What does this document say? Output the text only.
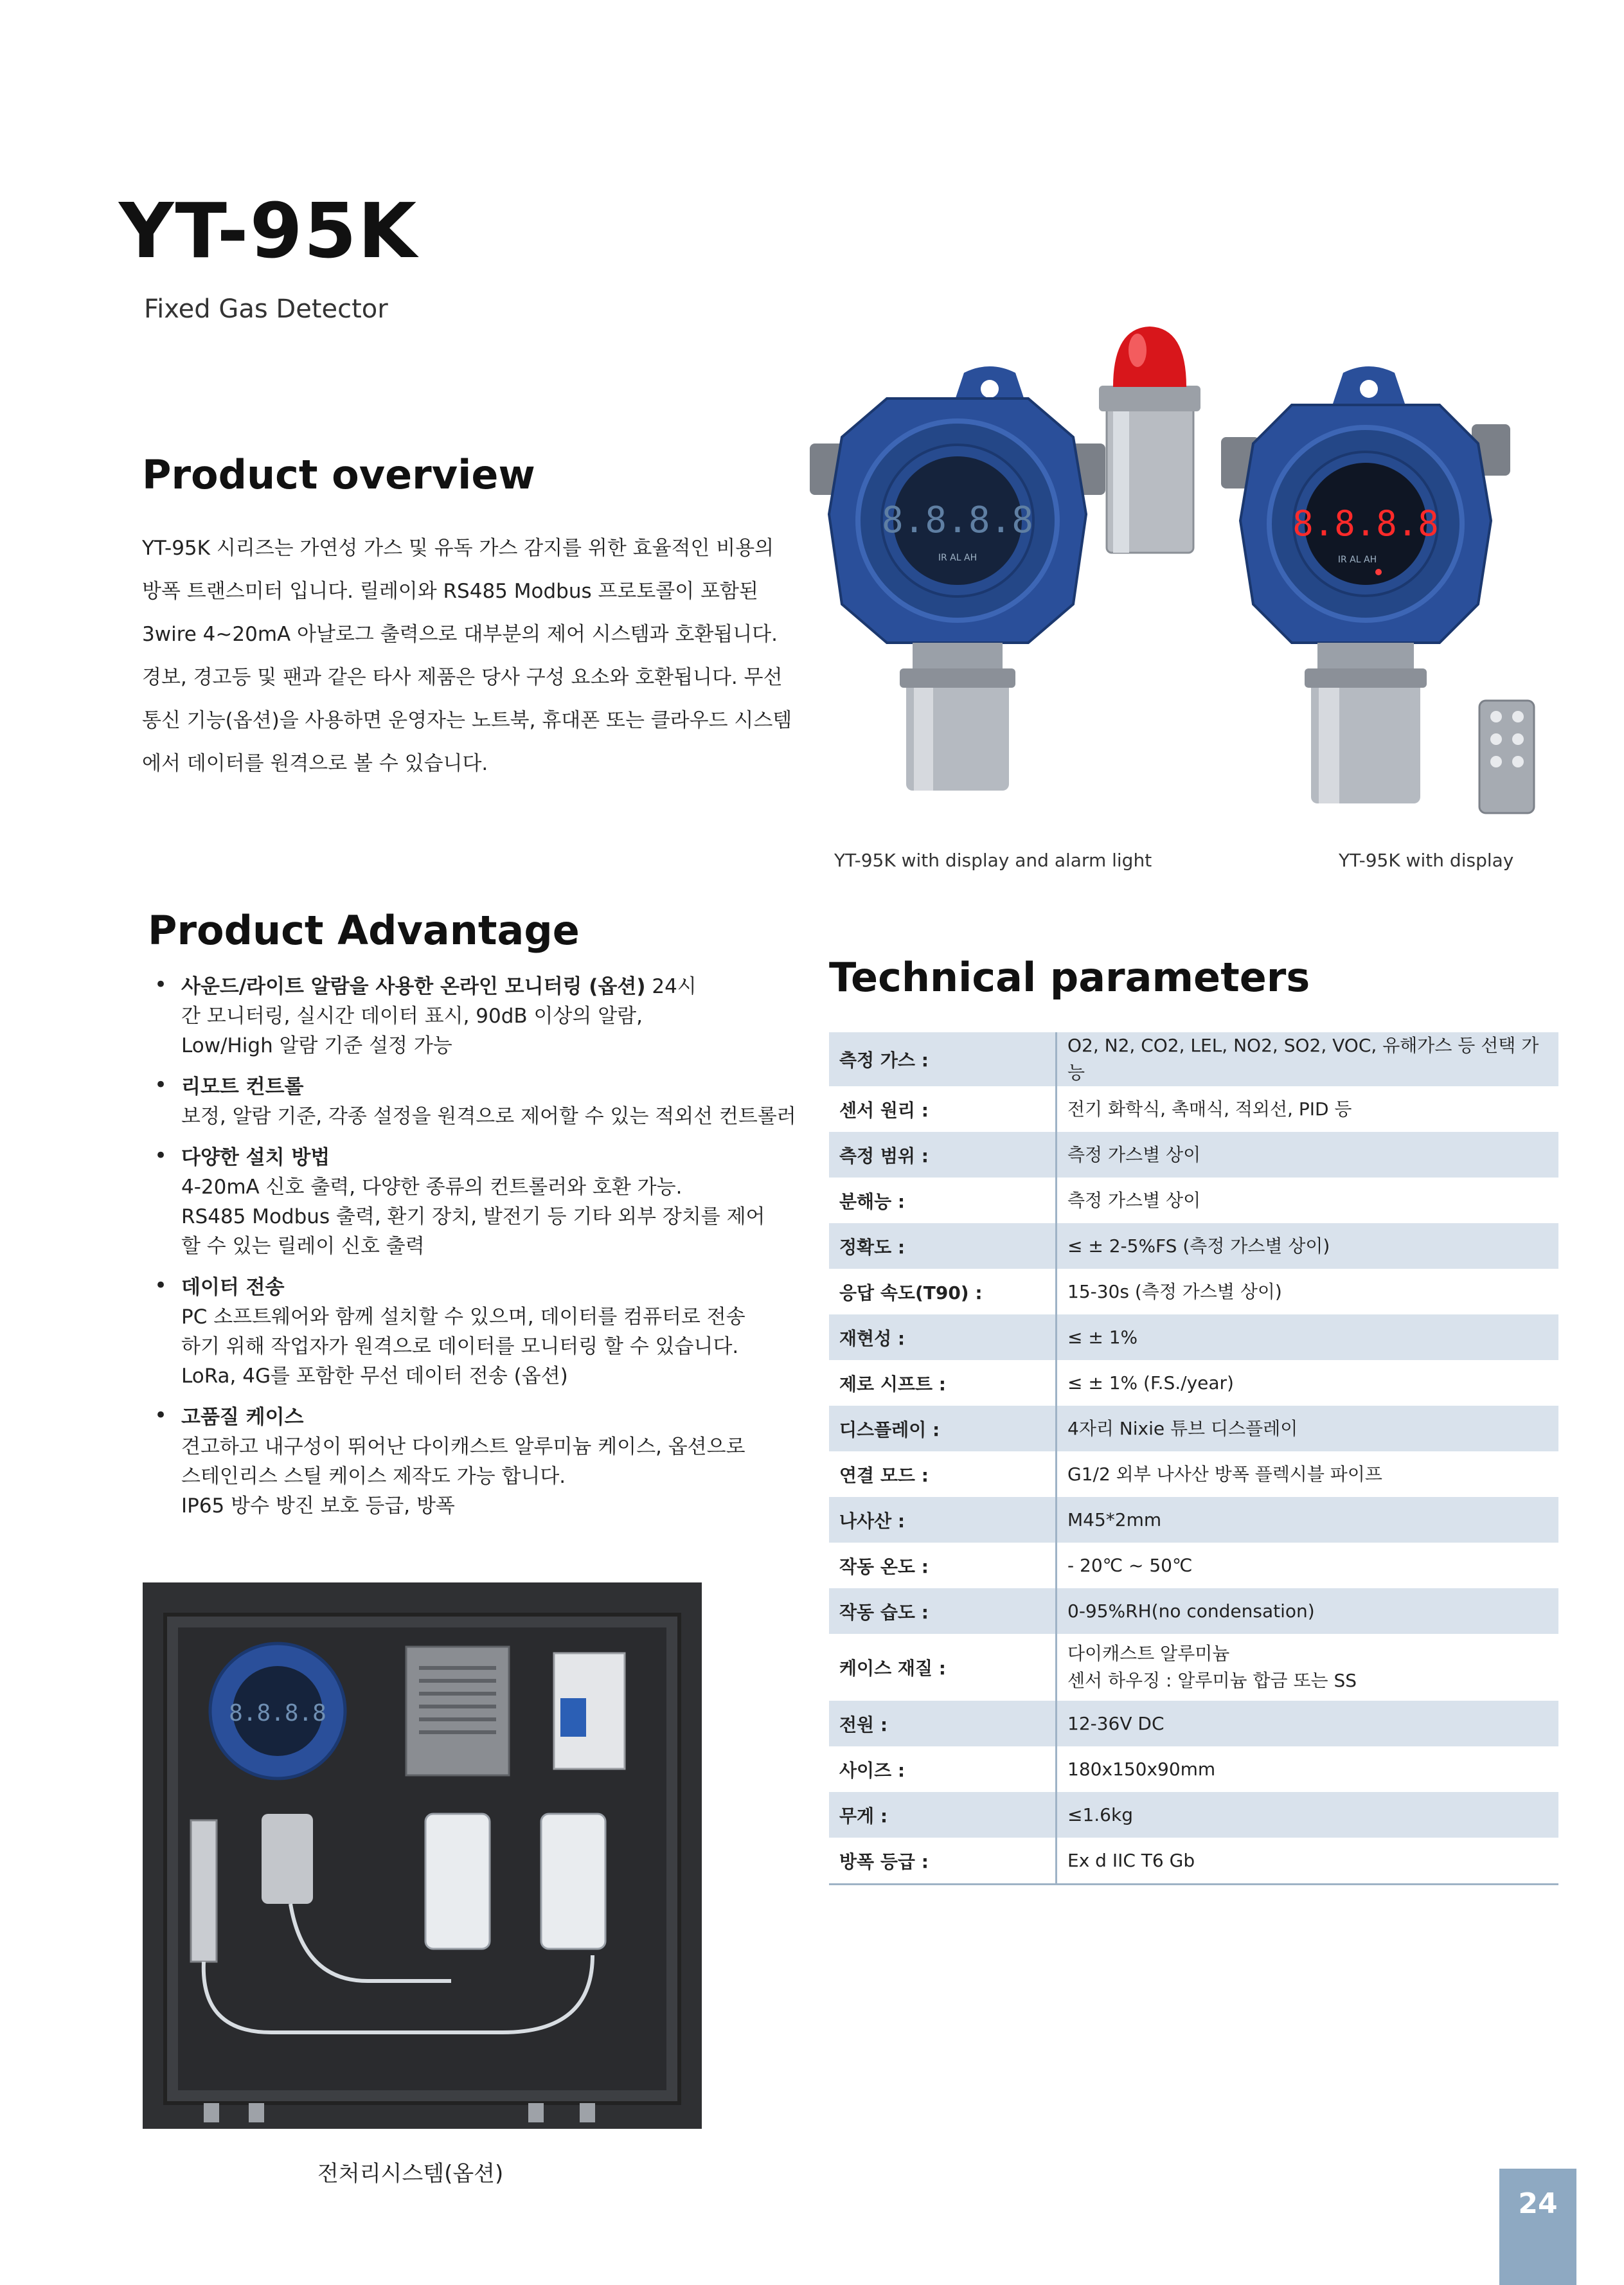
YT-95K
Fixed Gas Detector
Product overview
YT-95K 시리즈는 가연성 가스 및 유독 가스 감지를 위한 효율적인 비용의
방폭 트랜스미터 입니다. 릴레이와 RS485 Modbus 프로토콜이 포함된
3wire 4~20mA 아날로그 출력으로 대부분의 제어 시스템과 호환됩니다.
경보, 경고등 및 팬과 같은 타사 제품은 당사 구성 요소와 호환됩니다. 무선
통신 기능(옵션)을 사용하면 운영자는 노트북, 휴대폰 또는 클라우드 시스템
에서 데이터를 원격으로 볼 수 있습니다.
8.8.8.8
IR AL AH
8.8.8.8
IR AL AH
YT-95K with display and alarm light	YT-95K with display
Product Advantage
• 사운드/라이트 알람을 사용한 온라인 모니터링 (옵션) 24시
간 모니터링, 실시간 데이터 표시, 90dB 이상의 알람,
Low/High 알람 기준 설정 가능
• 리모트 컨트롤
보정, 알람 기준, 각종 설정을 원격으로 제어할 수 있는 적외선 컨트롤러
• 다양한 설치 방법
4-20mA 신호 출력, 다양한 종류의 컨트롤러와 호환 가능.
RS485 Modbus 출력, 환기 장치, 발전기 등 기타 외부 장치를 제어
할 수 있는 릴레이 신호 출력
• 데이터 전송
PC 소프트웨어와 함께 설치할 수 있으며, 데이터를 컴퓨터로 전송
하기 위해 작업자가 원격으로 데이터를 모니터링 할 수 있습니다.
LoRa, 4G를 포함한 무선 데이터 전송 (옵션)
• 고품질 케이스
견고하고 내구성이 뛰어난 다이캐스트 알루미늄 케이스, 옵션으로
스테인리스 스틸 케이스 제작도 가능 합니다.
IP65 방수 방진 보호 등급, 방폭
Technical parameters
측정 가스 :	O2, N2, CO2, LEL, NO2, SO2, VOC, 유해가스 등 선택 가능

센서 원리 :	전기 화학식, 촉매식, 적외선, PID 등

측정 범위 :	측정 가스별 상이

분해능 :	측정 가스별 상이

정확도 :	≤ ± 2-5%FS (측정 가스별 상이)

응답 속도(T90) :	15-30s (측정 가스별 상이)

재현성 :	≤ ± 1%

제로 시프트 :	≤ ± 1% (F.S./year)

디스플레이 :	4자리 Nixie 튜브 디스플레이

연결 모드 :	G1/2 외부 나사산 방폭 플렉시블 파이프

나사산 :	M45*2mm

작동 온도 :	- 20℃ ~ 50℃

작동 습도 :	0-95%RH(no condensation)

케이스 재질 :	다이캐스트 알루미늄
센서 하우징 : 알루미늄 합금 또는 SS

전원 :	12-36V DC

사이즈 :	180x150x90mm

무게 :	≤1.6kg

방폭 등급 :	Ex d IIC T6 Gb
8.8.8.8
전처리시스템(옵션)
24
